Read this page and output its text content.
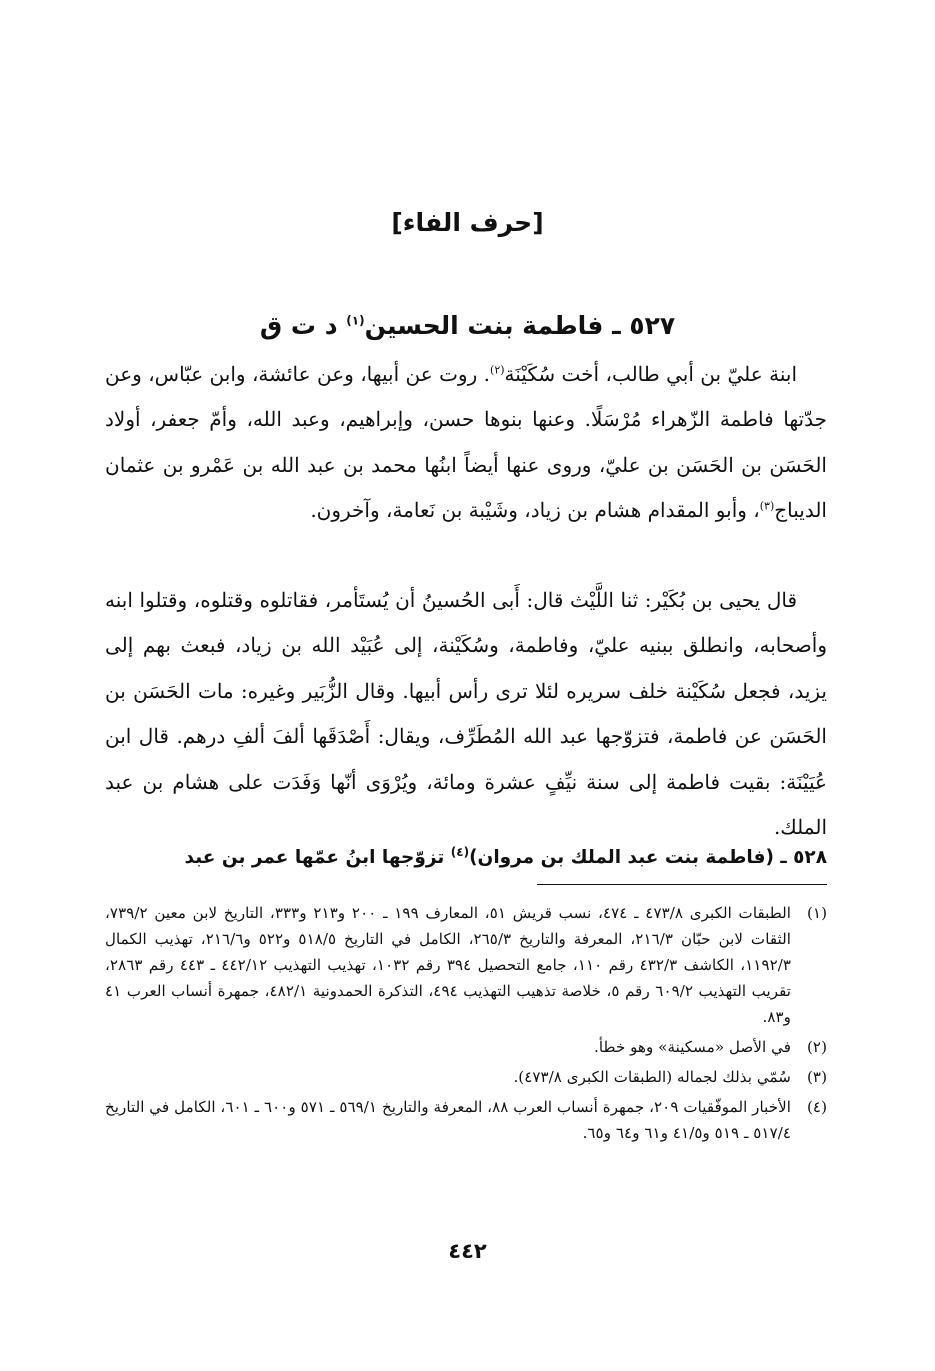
[حرف الفاء]
٥٢٧ ـ فاطمة بنت الحسين$^{(١)}$ د ت ق

ابنة عليّ بن أبي طالب، أخت سُكَيْنَة$^{(٢)}$. روت عن أبيها، وعن عائشة، وابن عبّاس، وعن جدّتها فاطمة الزّهراء مُرْسَلًا. وعنها بنوها حسن، وإبراهيم، وعبد الله، وأمّ جعفر، أولاد الحَسَن بن الحَسَن بن عليّ، وروى عنها أيضاً ابنُها محمد بن عبد الله بن عَمْرو بن عثمان الديباج$^{(٣)}$، وأبو المقدام هشام بن زياد، وشَيْبة بن نَعامة، وآخرون.

قال يحيى بن بُكَيْر: ثنا اللَّيْث قال: أَبى الحُسينُ أن يُستَأمر، فقاتلوه وقتلوه، وقتلوا ابنه وأصحابه، وانطلق ببنيه عليّ، وفاطمة، وسُكَيْنة، إلى عُبَيْد الله بن زياد، فبعث بهم إلى يزيد، فجعل سُكَيْنة خلف سريره لئلا ترى رأس أبيها. وقال الزُّبَير وغيره: مات الحَسَن بن الحَسَن عن فاطمة، فتزوّجها عبد الله المُطَرِّف، ويقال: أَصْدَقَها ألفَ ألفِ درهم. قال ابن عُيَيْنَة: بقيت فاطمة إلى سنة نيِّفٍ عشرة ومائة، ويُرْوَى أنّها وَفَدَت على هشام بن عبد الملك.

٥٢٨ ـ (فاطمة بنت عبد الملك بن مروان)$^{(٤)}$ تزوّجها ابنُ عمّها عمر بن عبد
(١)
الطبقات الكبرى ٤٧٣/٨ ـ ٤٧٤، نسب قريش ٥١، المعارف ١٩٩ ـ ٢٠٠ و٢١٣ و٣٣٣، التاريخ لابن معين ٧٣٩/٢، الثقات لابن حبّان ٢١٦/٣، المعرفة والتاريخ ٢٦٥/٣، الكامل في التاريخ ٥١٨/٥ و٥٢٢ و٢١٦/٦، تهذيب الكمال ١١٩٢/٣، الكاشف ٤٣٢/٣ رقم ١١٠، جامع التحصيل ٣٩٤ رقم ١٠٣٢، تهذيب التهذيب ٤٤٢/١٢ ـ ٤٤٣ رقم ٢٨٦٣، تقريب التهذيب ٦٠٩/٢ رقم ٥، خلاصة تذهيب التهذيب ٤٩٤، التذكرة الحمدونية ٤٨٢/١، جمهرة أنساب العرب ٤١ و٨٣.
(٢)
في الأصل «مسكينة» وهو خطأ.
(٣)
سُمّي بذلك لجماله (الطبقات الكبرى ٤٧٣/٨).
(٤)
الأخبار الموفّقيات ٢٠٩، جمهرة أنساب العرب ٨٨، المعرفة والتاريخ ٥٦٩/١ ـ ٥٧١ و٦٠٠ ـ ٦٠١، الكامل في التاريخ ٥١٧/٤ ـ ٥١٩ و٤١/٥ و٦١ و٦٤ و٦٥.
٤٤٢
